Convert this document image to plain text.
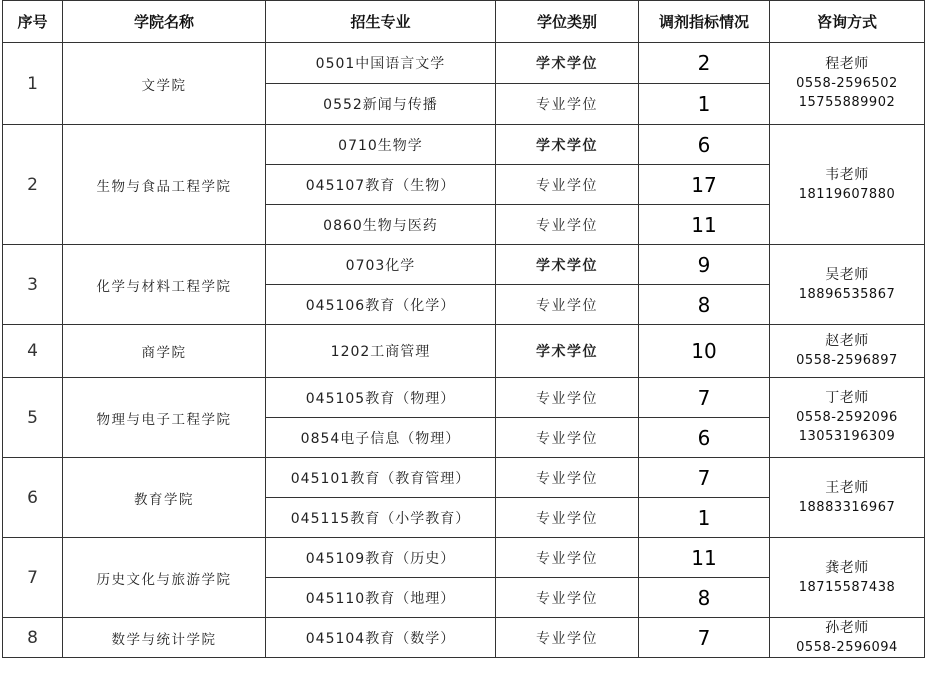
序号	学院名称	招生专业	学位类别	调剂指标情况	咨询方式
1	文学院	0501中国语言文学	学术学位	2	程老师
0558-2596502
15755889902

		0552新闻与传播	专业学位	1	
2	生物与食品工程学院	0710生物学	学术学位	6	韦老师
18119607880

		045107教育（生物）	专业学位	17	
		0860生物与医药	专业学位	11	
3	化学与材料工程学院	0703化学	学术学位	9	吴老师
18896535867

		045106教育（化学）	专业学位	8	
4	商学院	1202工商管理	学术学位	10	赵老师
0558-2596897

5	物理与电子工程学院	045105教育（物理）	专业学位	7	丁老师
0558-2592096
13053196309

		0854电子信息（物理）	专业学位	6	
6	教育学院	045101教育（教育管理）	专业学位	7	王老师
18883316967

		045115教育（小学教育）	专业学位	1	
7	历史文化与旅游学院	045109教育（历史）	专业学位	11	龚老师
18715587438

		045110教育（地理）	专业学位	8	
8	数学与统计学院	045104教育（数学）	专业学位	7	孙老师
0558-2596094
